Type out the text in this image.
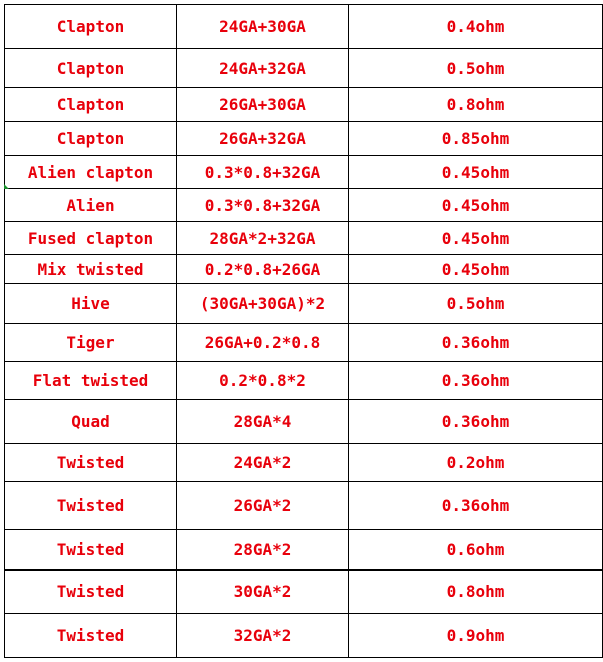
Clapton	24GA+30GA	0.4ohm
Clapton	24GA+32GA	0.5ohm
Clapton	26GA+30GA	0.8ohm
Clapton	26GA+32GA	0.85ohm
Alien clapton	0.3*0.8+32GA	0.45ohm
Alien	0.3*0.8+32GA	0.45ohm
Fused clapton	28GA*2+32GA	0.45ohm
Mix twisted	0.2*0.8+26GA	0.45ohm
Hive	(30GA+30GA)*2	0.5ohm
Tiger	26GA+0.2*0.8	0.36ohm
Flat twisted	0.2*0.8*2	0.36ohm
Quad	28GA*4	0.36ohm
Twisted	24GA*2	0.2ohm
Twisted	26GA*2	0.36ohm
Twisted	28GA*2	0.6ohm
Twisted	30GA*2	0.8ohm
Twisted	32GA*2	0.9ohm
